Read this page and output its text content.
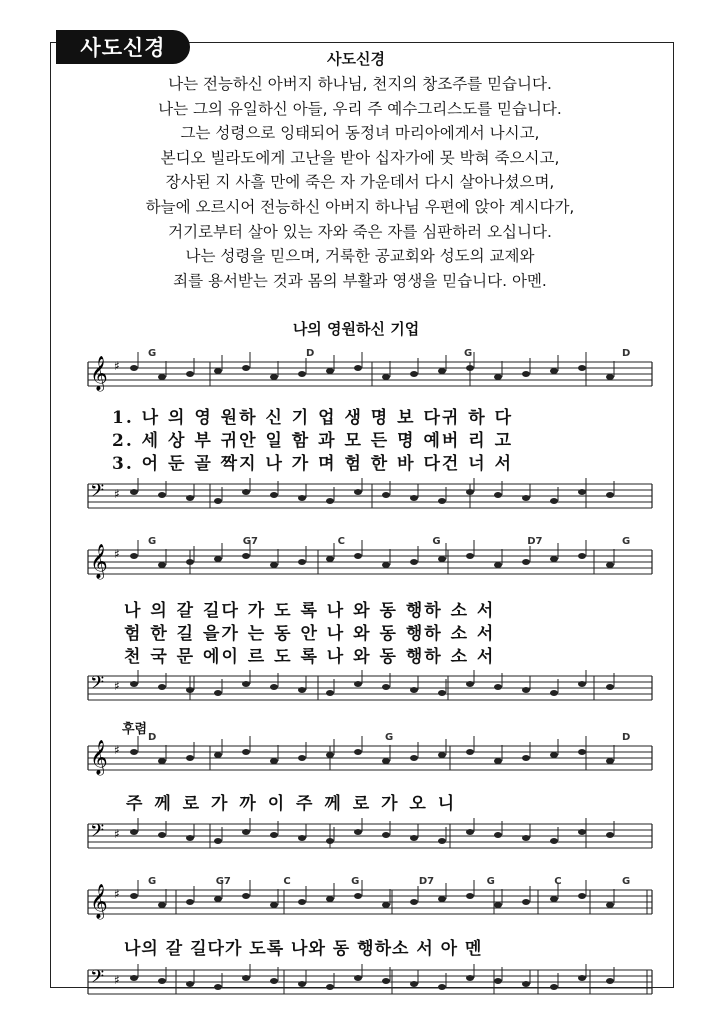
사도신경	사도신경
나는 전능하신 아버지 하나님, 천지의 창조주를 믿습니다.
나는 그의 유일하신 아들, 우리 주 예수그리스도를 믿습니다.
그는 성령으로 잉태되어 동정녀 마리아에게서 나시고,
본디오 빌라도에게 고난을 받아 십자가에 못 박혀 죽으시고,
장사된 지 사흘 만에 죽은 자 가운데서 다시 살아나셨으며,
하늘에 오르시어 전능하신 아버지 하나님 우편에 앉아 계시다가,
거기로부터 살아 있는 자와 죽은 자를 심판하러 오십니다.
나는 성령을 믿으며, 거룩한 공교회와 성도의 교제와
죄를 용서받는 것과 몸의 부활과 영생을 믿습니다. 아멘.
나의 영원하신 기업
𝄞 ♯
𝄢 ♯
G	D	G	D
𝄞 ♯
𝄢 ♯
G	G7	C	G	D7	G
𝄞 ♯
𝄢 ♯
D	G	D
𝄞 ♯
𝄢 ♯
G	G7	C	G	D7	G	C	G
후렴
1. 나 의 영 원하 신 기 업 생 명 보 다귀 하 다
2. 세 상 부 귀안 일 함 과 모 든 명 예버 리 고
3. 어 둔 골 짝지 나 가 며 험 한 바 다건 너 서
나 의 갈 길다 가 도 록 나 와 동 행하 소 서
험 한 길 을가 는 동 안 나 와 동 행하 소 서
천 국 문 에이 르 도 록 나 와 동 행하 소 서
주 께 로 가 까 이 주 께 로 가 오 니
나의 갈 길다가 도록 나와 동 행하소 서 아 멘
